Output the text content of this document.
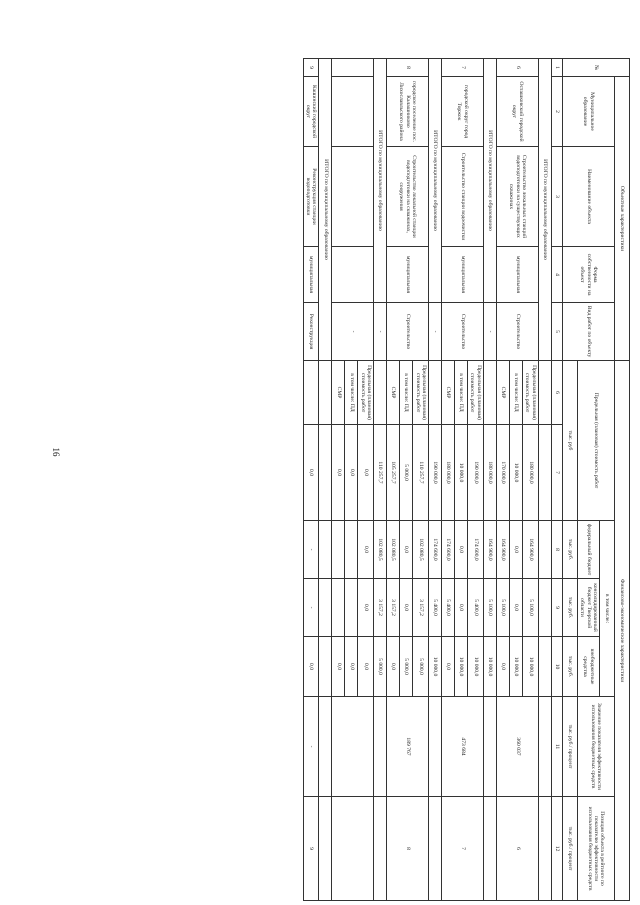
16
№	Объектные характеристики				Финансово-экономические характеристики						
	Муниципальное образование	Наименование объекта	Форма собственности на объект	Вид работ по объекту	Предельная (плановая) стоимость работ		в том числе:			Значение показателя эффективности использования бюджетных средств	Позиция объекта в рейтинге по показателю эффективности использования бюджетных средств
							федеральный бюджет	консолидированный бюджет Тверской области	внебюджетные средства		
					тыс. руб		тыс. руб.	тыс. руб.	тыс. руб.	тыс. руб./ процент	тыс. руб./ процент
1	2	3	4	5	6	7	8	9	10	11	12
ИТОГО по муниципальному образованию											
6	Осташковский городской округ	Строительство локальных станций водоподготовки на существующих скважинах	муниципальная	Строительство	Предельная (плановая) стоимость работ	180 000,0	164 900,0	5 100,0	10 000,0	360 037	6
					в том числе: ПД	10 000,0	0,0	0,0	10 000,0		
					СМР	170 000,0	164 900,0	5 100,0	0,0		
ИТОГО по муниципальному образованию				-		180 000,0	164 900,0	5 100,0	10 000,0		
7	городской округ город Торжок	Строительство станции водоочистки	муниципальная	Строительство	Предельная (плановая) стоимость работ	190 000,0	174 600,0	5 400,0	10 000,0	473 684	7
					в том числе: ПД	10 000,0	0,0	0,0	10 000,0		
					СМР	180 000,0	174 600,0	5 400,0	0,0		
ИТОГО по муниципальному образованию				-		190 000,0	174 600,0	5 400,0	10 000,0		
8	городское поселение пос. Калашниково Лихославльского района	Строительство локальной станции водоподготовки на скважинах, сооружения	муниципальная	Строительство	Предельная (плановая) стоимость работ	110 257,7	102 080,5	3 157,2	5 000,0	189 767	8
					в том числе: ПД	5 000,0	0,0	0,0	5 000,0		
					СМР	105 257,7	102 080,5	3 157,2	0,0		
ИТОГО по муниципальному образованию				-		110 257,7	102 080,5	3 157,2	5 000,0		
				-	Предельная (плановая) стоимость работ	0,0	0,0	0,0	0,0		
					в том числе: ПД	0,0			0,0		
					СМР	0,0			0,0		
ИТОГО по муниципальному образованию											
9	Кашинский городской округ	Реконструкция станции водоподготовки	муниципальная	Реконструкция		0,0	-	-	0,0	-	9
